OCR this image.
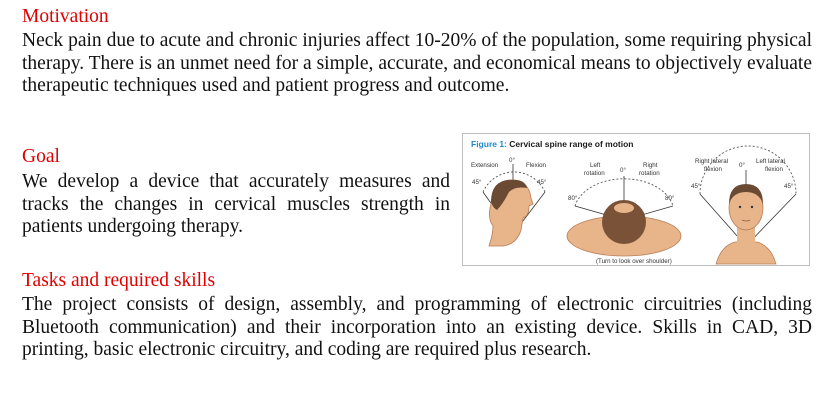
Motivation

Neck pain due to acute and chronic injuries affect 10-20% of the population, some requiring physical therapy. There is an unmet need for a simple, accurate, and economical means to objectively evaluate therapeutic techniques used and patient progress and outcome.

Goal

We develop a device that accurately measures and tracks the changes in cervical muscles strength in patients undergoing therapy.

Tasks and required skills

The project consists of design, assembly, and programming of electronic circuitries (including Bluetooth communication) and their incorporation into an existing device. Skills in CAD, 3D printing, basic electronic circuitry, and coding are required plus research.

Figure 1: Cervical spine range of motion
Extension
0°
Flexion
45°	45°
Left
rotation 0°
Right
rotation
80°	80°
(Turn to look over shoulder)
Right lateral
flexion
0°
Left lateral
flexion
45°	45°
